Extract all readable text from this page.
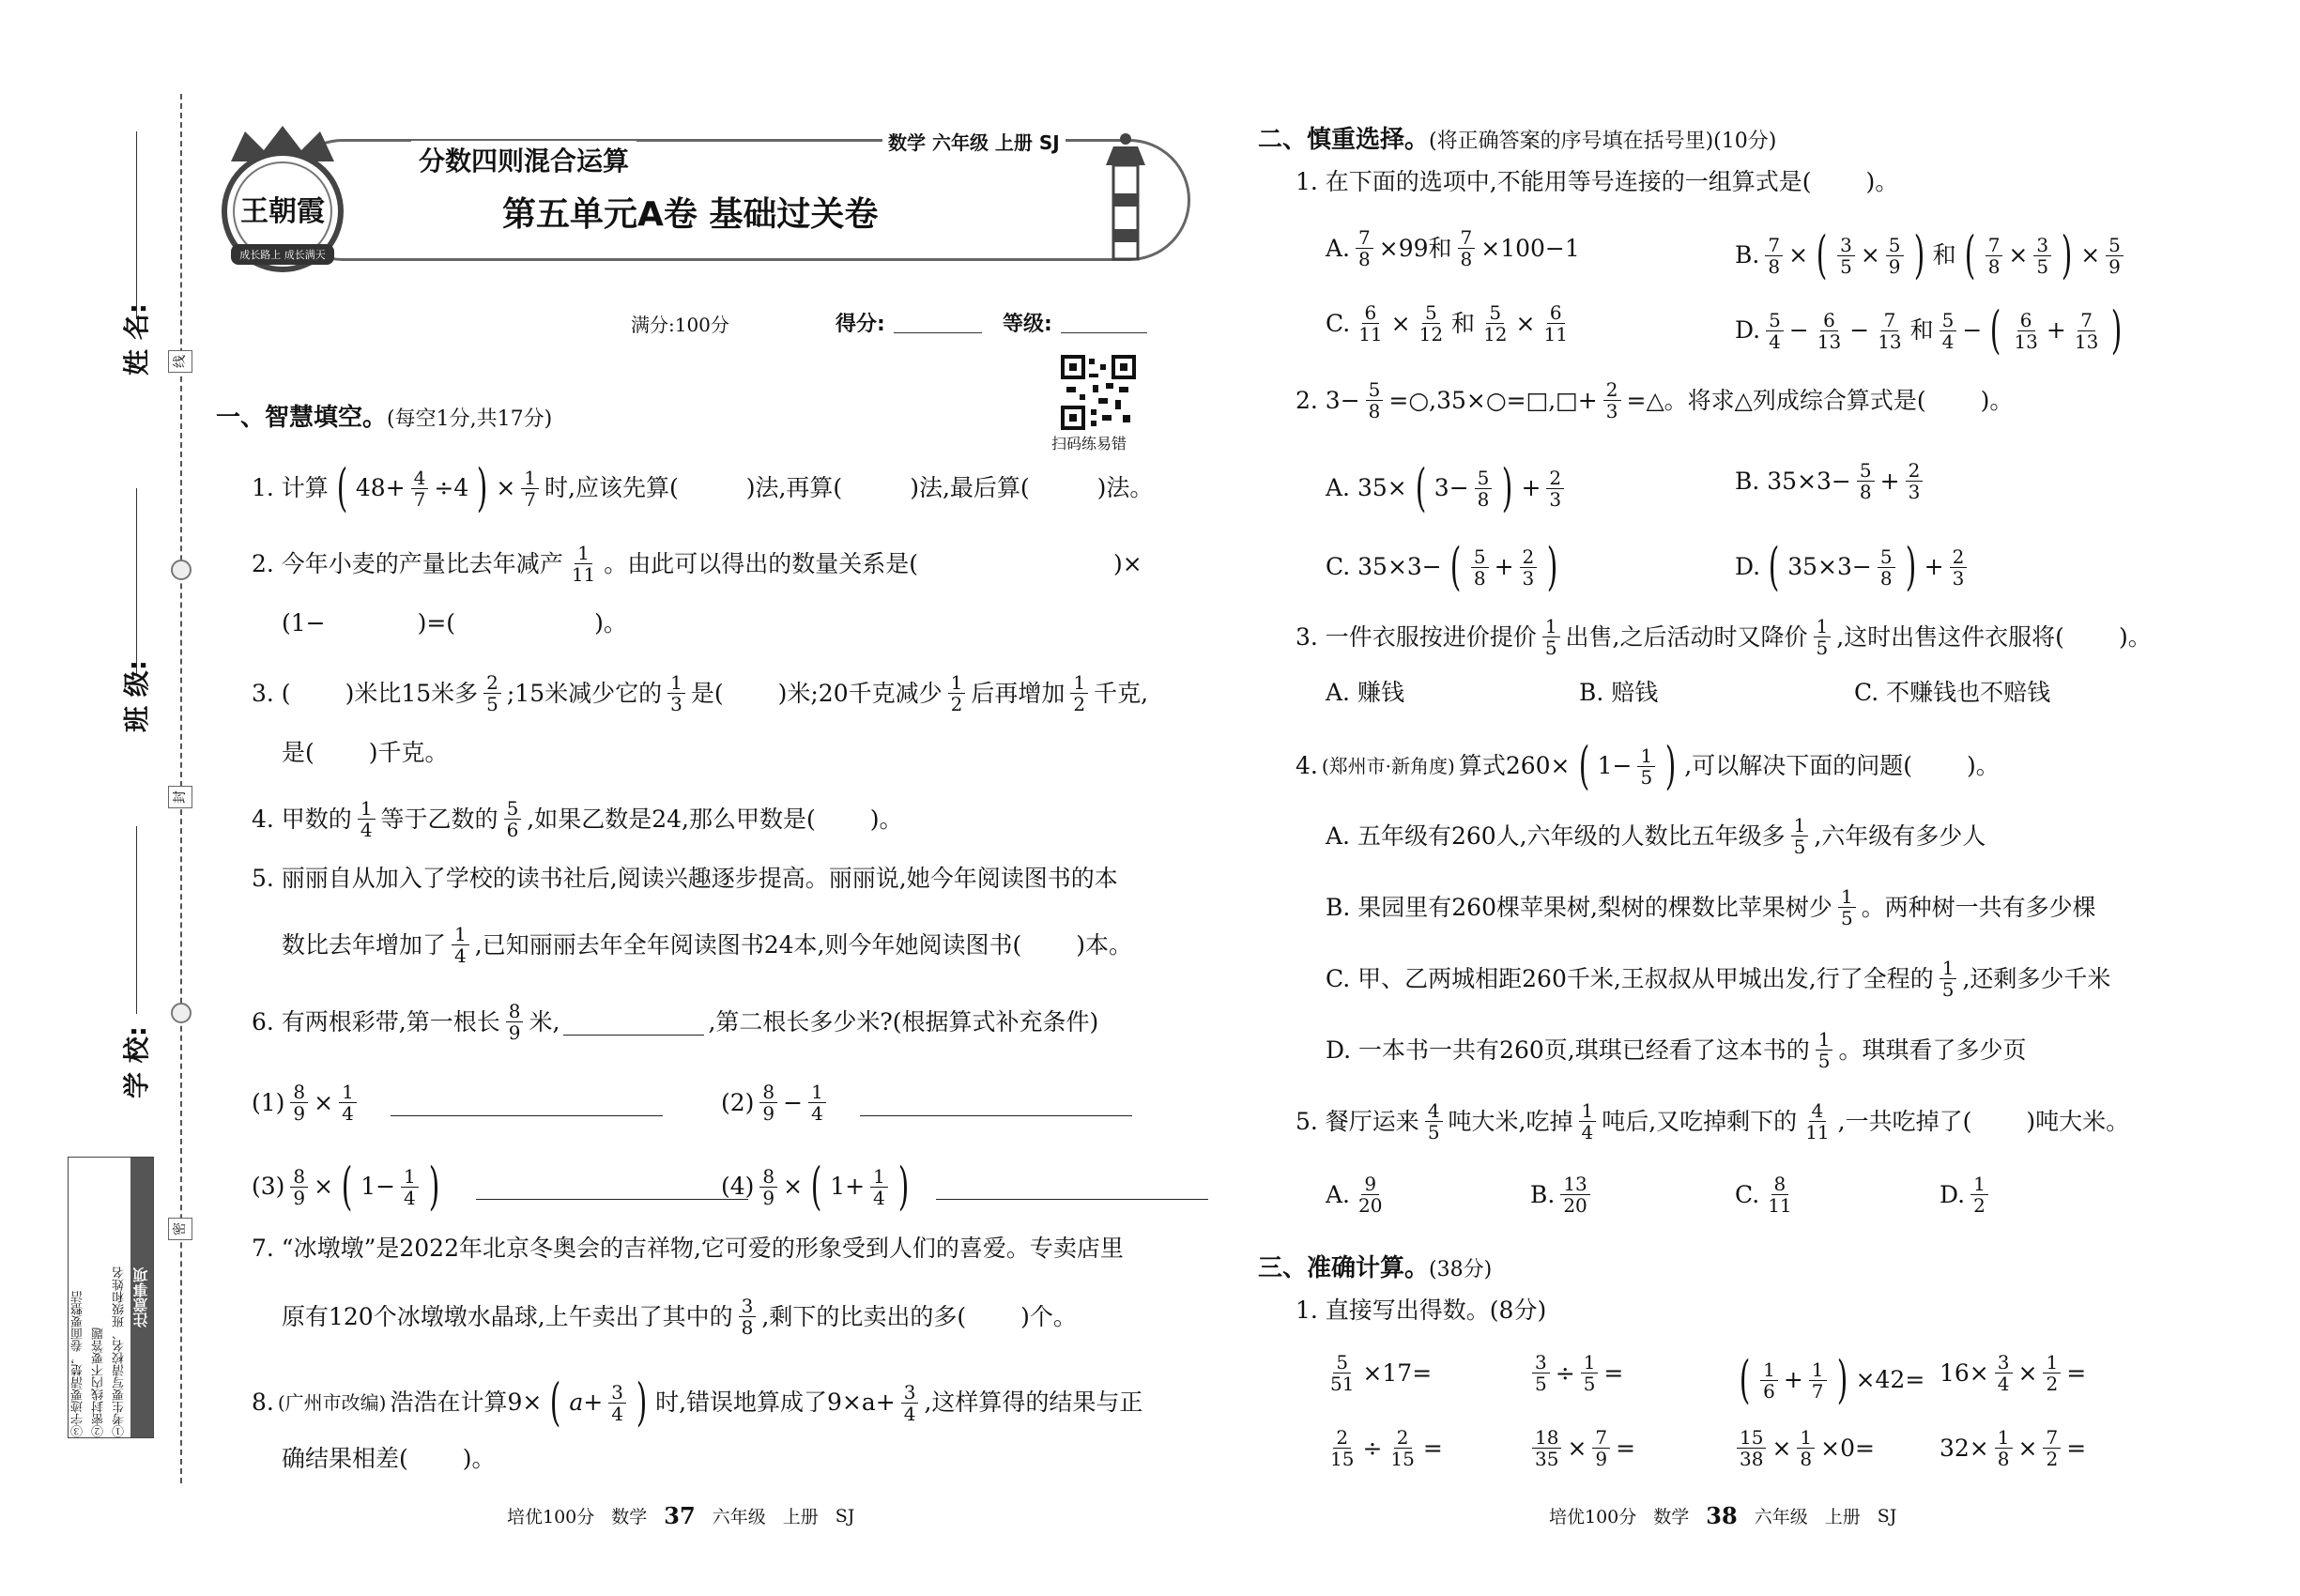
姓 名:
班 级:
学 校:
线
封
密
注意事项
①考生要写清校名、班级和姓名
②密封线内不要答题
③字迹要清楚，卷面要整洁
王朝霞
成长路上 成长满天
分数四则混合运算
数学 六年级 上册 SJ
第五单元A卷 基础过关卷
满分:100分	得分:	等级:
扫码练易错
一、智慧填空。(每空1分,共17分)
1. 计算 ( $48+ \frac{4}{7} \div 4$ ) × $\frac{1}{7}$ 时,应该先算(	)法,再算(	)法,最后算(	)法。
2. 今年小麦的产量比去年减产 $\frac{1}{11}$ 。由此可以得出的数量关系是(	)×
(1−	)=(	)。
3. ( )米比15米多 $\frac{2}{5}$ ;15米减少它的 $\frac{1}{3}$ 是( )米;20千克减少 $\frac{1}{2}$ 后再增加 $\frac{1}{2}$ 千克,
是( )千克。
4. 甲数的 $\frac{1}{4}$ 等于乙数的 $\frac{5}{6}$ ,如果乙数是24,那么甲数是( )。
5. 丽丽自从加入了学校的读书社后,阅读兴趣逐步提高。丽丽说,她今年阅读图书的本
数比去年增加了 $\frac{1}{4}$ ,已知丽丽去年全年阅读图书24本,则今年她阅读图书( )本。
6. 有两根彩带,第一根长 $\frac{8}{9}$ 米,	,第二根长多少米?(根据算式补充条件)
$(1) \frac{8}{9} \times \frac{1}{4}$	$(2) \frac{8}{9} - \frac{1}{4}$
$(3) \frac{8}{9}$ × ( $1- \frac{1}{4}$ )	$(4) \frac{8}{9}$ × ( $1+ \frac{1}{4}$ )
7. “冰墩墩”是2022年北京冬奥会的吉祥物,它可爱的形象受到人们的喜爱。专卖店里
原有120个冰墩墩水晶球,上午卖出了其中的 $\frac{3}{8}$ ,剩下的比卖出的多( )个。
8. (广州市改编) 浩浩在计算9× ( $a+ \frac{3}{4}$ ) 时,错误地算成了$9\times a+ \frac{3}{4}$ ,这样算得的结果与正
确结果相差( )。
培优100分 数学 37 六年级 上册 SJ
二、慎重选择。(将正确答案的序号填在括号里)(10分)
1. 在下面的选项中,不能用等号连接的一组算式是( )。
A. $\frac{7}{8} \times 99$和 $\frac{7}{8} \times 100-1$	B. $\frac{7}{8}$ × ( $\frac{3}{5} \times \frac{5}{9}$ ) 和 ( $\frac{7}{8} \times \frac{3}{5}$ ) × $\frac{5}{9}$
C. $\frac{6}{11} \times \frac{5}{12}$ 和 $\frac{5}{12} \times \frac{6}{11}$	D. $\frac{5}{4} - \frac{6}{13} - \frac{7}{13}$ 和 $\frac{5}{4}$ − ( $\frac{6}{13} + \frac{7}{13}$ )
2. $3- \frac{5}{8}$ =○,35×○=□,□+ $\frac{2}{3}$ =△。将求△列成综合算式是( )。
A. 35× ( $3- \frac{5}{8}$ ) + $\frac{2}{3}$	B. $35\times 3- \frac{5}{8} + \frac{2}{3}$
C. 35×3− ( $\frac{5}{8} + \frac{2}{3}$ )	D. ( $35\times 3- \frac{5}{8}$ ) + $\frac{2}{3}$
3. 一件衣服按进价提价 $\frac{1}{5}$ 出售,之后活动时又降价 $\frac{1}{5}$ ,这时出售这件衣服将( )。
A. 赚钱	B. 赔钱	C. 不赚钱也不赔钱
4. (郑州市·新角度) 算式260× ( $1- \frac{1}{5}$ ) ,可以解决下面的问题( )。
A. 五年级有260人,六年级的人数比五年级多 $\frac{1}{5}$ ,六年级有多少人
B. 果园里有260棵苹果树,梨树的棵数比苹果树少 $\frac{1}{5}$ 。两种树一共有多少棵
C. 甲、乙两城相距260千米,王叔叔从甲城出发,行了全程的 $\frac{1}{5}$ ,还剩多少千米
D. 一本书一共有260页,琪琪已经看了这本书的 $\frac{1}{5}$ 。琪琪看了多少页
5. 餐厅运来 $\frac{4}{5}$ 吨大米,吃掉 $\frac{1}{4}$ 吨后,又吃掉剩下的 $\frac{4}{11}$ ,一共吃掉了( )吨大米。
A. $\frac{9}{20}$	B. $\frac{13}{20}$	C. $\frac{8}{11}$	D. $\frac{1}{2}$
三、准确计算。(38分)
1. 直接写出得数。(8分)
$\frac{5}{51} \times 17=$	$\frac{3}{5} \div \frac{1}{5}$ = ( $\frac{1}{6} + \frac{1}{7}$ ) $\times 42= 16\times \frac{3}{4} \times \frac{1}{2}$ =
$\frac{2}{15} \div \frac{2}{15}$ =	$\frac{18}{35} \times \frac{7}{9}$ =	$\frac{15}{38} \times \frac{1}{8} \times 0=$	$32\times \frac{1}{8} \times \frac{7}{2}$ =
培优100分 数学 38 六年级 上册 SJ
